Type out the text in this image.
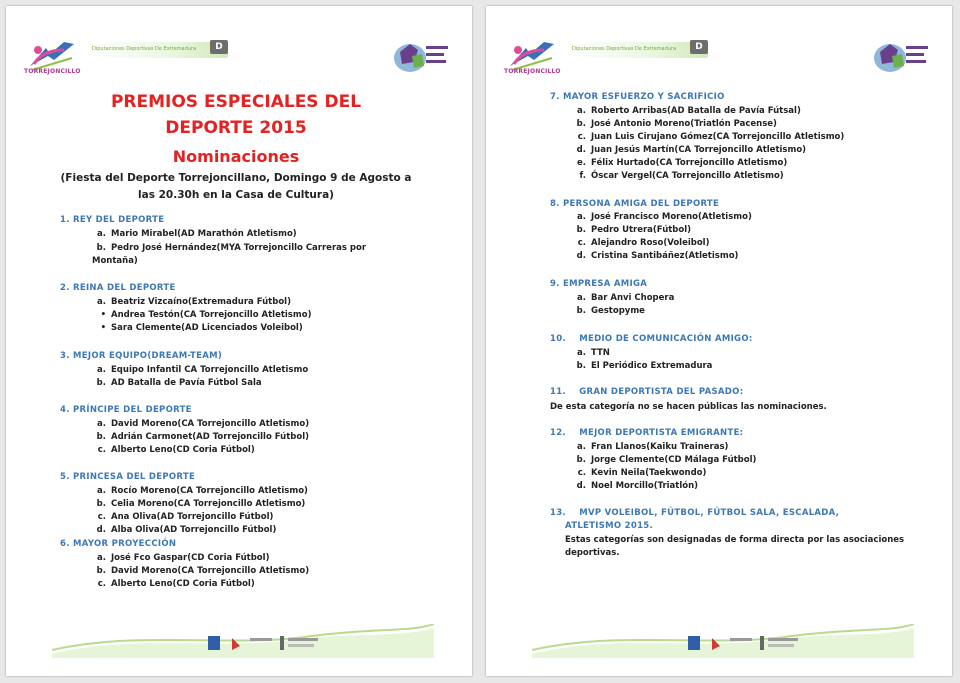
TORREJONCILLO
Diputaciones Deportivas De Extremadura	D
PREMIOS ESPECIALES DEL
DEPORTE 2015
Nominaciones
(Fiesta del Deporte Torrejoncillano, Domingo 9 de Agosto a
las 20.30h en la Casa de Cultura)
1. REY DEL DEPORTE
a. Mario Mirabel(AD Marathón Atletismo)
b. Pedro José Hernández(MYA Torrejoncillo Carreras por Montaña)
2. REINA DEL DEPORTE
a. Beatriz Vizcaíno(Extremadura Fútbol)
• Andrea Testón(CA Torrejoncillo Atletismo)
• Sara Clemente(AD Licenciados Voleibol)
3. MEJOR EQUIPO(DREAM-TEAM)
a. Equipo Infantil CA Torrejoncillo Atletismo
b. AD Batalla de Pavía Fútbol Sala
4. PRÍNCIPE DEL DEPORTE
a. David Moreno(CA Torrejoncillo Atletismo)
b. Adrián Carmonet(AD Torrejoncillo Fútbol)
c. Alberto Leno(CD Coria Fútbol)
5. PRINCESA DEL DEPORTE
a. Rocío Moreno(CA Torrejoncillo Atletismo)
b. Celia Moreno(CA Torrejoncillo Atletismo)
c. Ana Oliva(AD Torrejoncillo Fútbol)
d. Alba Oliva(AD Torrejoncillo Fútbol)
6. MAYOR PROYECCIÓN
a. José Fco Gaspar(CD Coria Fútbol)
b. David Moreno(CA Torrejoncillo Atletismo)
c. Alberto Leno(CD Coria Fútbol)
TORREJONCILLO
Diputaciones Deportivas De Extremadura	D
7. MAYOR ESFUERZO Y SACRIFICIO
a. Roberto Arribas(AD Batalla de Pavía Fútsal)
b. José Antonio Moreno(Triatlón Pacense)
c. Juan Luis Cirujano Gómez(CA Torrejoncillo Atletismo)
d. Juan Jesús Martín(CA Torrejoncillo Atletismo)
e. Félix Hurtado(CA Torrejoncillo Atletismo)
f. Óscar Vergel(CA Torrejoncillo Atletismo)
8. PERSONA AMIGA DEL DEPORTE
a. José Francisco Moreno(Atletismo)
b. Pedro Utrera(Fútbol)
c. Alejandro Roso(Voleibol)
d. Cristina Santibáñez(Atletismo)
9. EMPRESA AMIGA
a. Bar Anvi Chopera
b. Gestopyme
10. MEDIO DE COMUNICACIÓN AMIGO:
a. TTN
b. El Periódico Extremadura
11. GRAN DEPORTISTA DEL PASADO:
De esta categoría no se hacen públicas las nominaciones.
12. MEJOR DEPORTISTA EMIGRANTE:
a. Fran Llanos(Kaiku Traineras)
b. Jorge Clemente(CD Málaga Fútbol)
c. Kevin Neila(Taekwondo)
d. Noel Morcillo(Triatlón)
13. MVP VOLEIBOL, FÚTBOL, FÚTBOL SALA, ESCALADA,
ATLETISMO 2015.
Estas categorías son designadas de forma directa por las asociaciones
deportivas.
